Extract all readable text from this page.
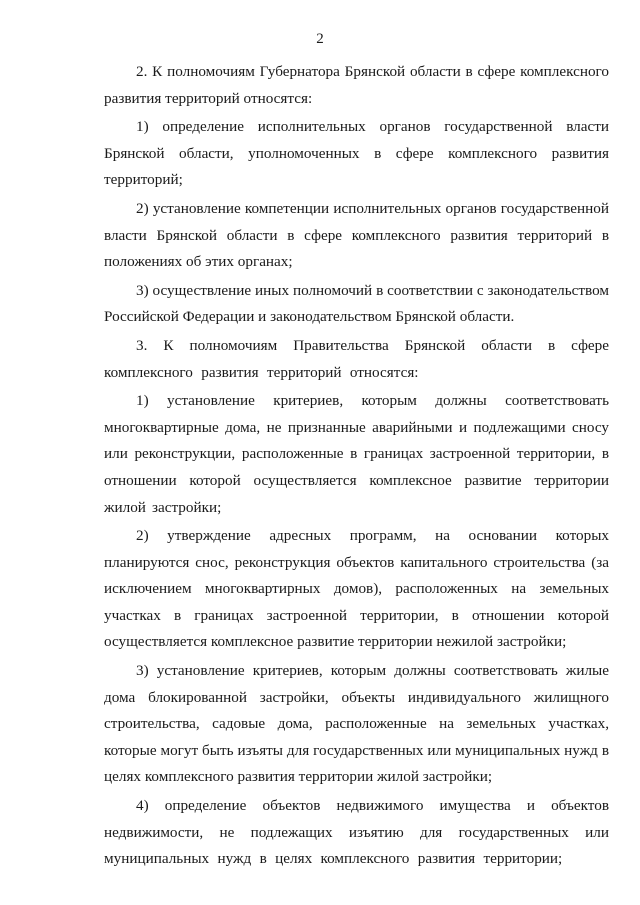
2

2. К полномочиям Губернатора Брянской области в сфере комплексного развития территорий относятся:

1) определение исполнительных органов государственной власти Брянской области, уполномоченных в сфере комплексного развития территорий;

2) установление компетенции исполнительных органов государственной власти Брянской области в сфере комплексного развития территорий в положениях об этих органах;

3) осуществление иных полномочий в соответствии с законодательством Российской Федерации и законодательством Брянской области.

3. К полномочиям Правительства Брянской области в сфере комплексного развития территорий относятся:

1) установление критериев, которым должны соответствовать многоквартирные дома, не признанные аварийными и подлежащими сносу или реконструкции, расположенные в границах застроенной территории, в отношении которой осуществляется комплексное развитие территории жилой застройки;

2) утверждение адресных программ, на основании которых планируются снос, реконструкция объектов капитального строительства (за исключением многоквартирных домов), расположенных на земельных участках в границах застроенной территории, в отношении которой осуществляется комплексное развитие территории нежилой застройки;

3) установление критериев, которым должны соответствовать жилые дома блокированной застройки, объекты индивидуального жилищного строительства, садовые дома, расположенные на земельных участках, которые могут быть изъяты для государственных или муниципальных нужд в целях комплексного развития территории жилой застройки;

4) определение объектов недвижимого имущества и объектов недвижимости, не подлежащих изъятию для государственных или муниципальных нужд в целях комплексного развития территории;
